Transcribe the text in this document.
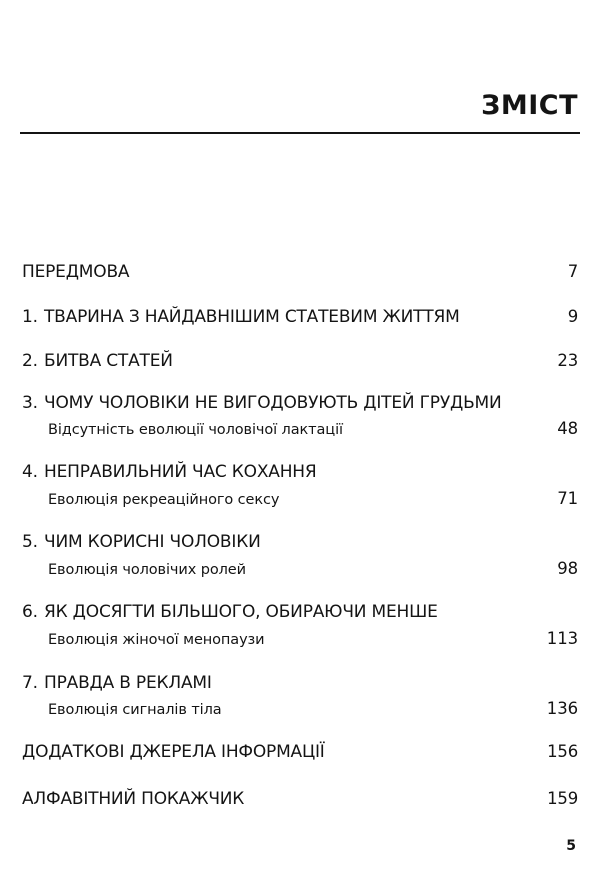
ЗМІСТ
ПЕРЕДМОВА	7
1. ТВАРИНА З НАЙДАВНІШИМ СТАТЕВИМ ЖИТТЯМ	9
2. БИТВА СТАТЕЙ	23
3. ЧОМУ ЧОЛОВІКИ НЕ ВИГОДОВУЮТЬ ДІТЕЙ ГРУДЬМИ
Відсутність еволюції чоловічої лактації	48
4. НЕПРАВИЛЬНИЙ ЧАС КОХАННЯ
Еволюція рекреаційного сексу	71
5. ЧИМ КОРИСНІ ЧОЛОВІКИ
Еволюція чоловічих ролей	98
6. ЯК ДОСЯГТИ БІЛЬШОГО, ОБИРАЮЧИ МЕНШЕ
Еволюція жіночої менопаузи	113
7. ПРАВДА В РЕКЛАМІ
Еволюція сигналів тіла	136
ДОДАТКОВІ ДЖЕРЕЛА ІНФОРМАЦІЇ	156
АЛФАВІТНИЙ ПОКАЖЧИК	159
5
